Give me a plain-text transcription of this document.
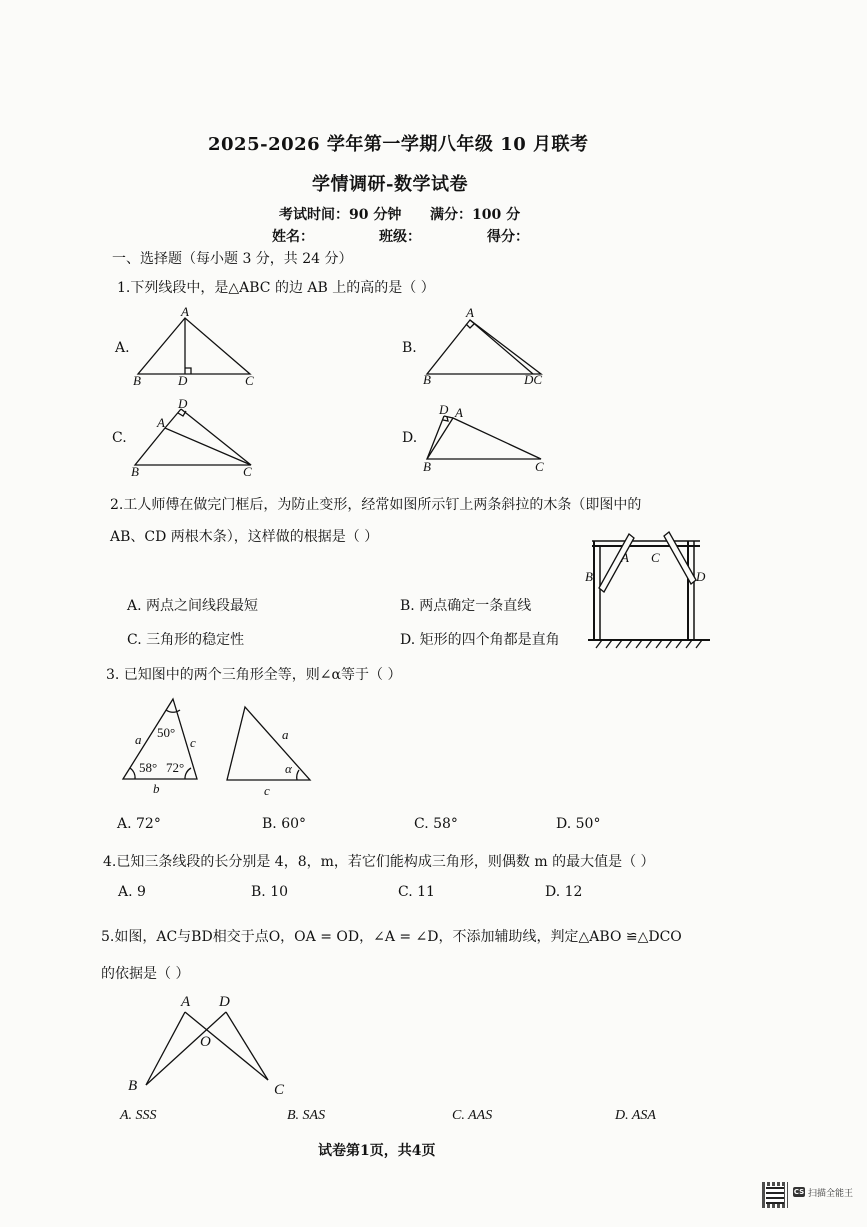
2025-2026 学年第一学期八年级 10 月联考
学情调研-数学试卷
考试时间：90 分钟 满分：100 分
姓名：	班级：	得分：
一、选择题（每小题 3 分，共 24 分）
1.下列线段中，是△ABC 的边 AB 上的高的是（ ）
A.	B.
C.	D.
2.工人师傅在做完门框后，为防止变形，经常如图所示钉上两条斜拉的木条（即图中的
AB、CD 两根木条），这样做的根据是（ ）
A. 两点之间线段最短	B. 两点确定一条直线
C. 三角形的稳定性	D. 矩形的四个角都是直角
3. 已知图中的两个三角形全等，则∠α等于（ ）
A. 72°	B. 60°	C. 58°	D. 50°
4.已知三条线段的长分别是 4，8，m，若它们能构成三角形，则偶数 m 的最大值是（ ）
A. 9	B. 10	C. 11	D. 12
5.如图，AC与BD相交于点O，OA = OD，∠A = ∠D，不添加辅助线，判定△ABO ≌△DCO
的依据是（ ）
A. SSS	B. SAS	C. AAS	D. ASA
试卷第1页，共4页
CS 扫描全能王
A
B	D	C
A
B	DC
D
A
B	C
D A
B	C
A C
B	D
50°
a	c
58° 72°
b
a
α
c
A D
O
B	C
